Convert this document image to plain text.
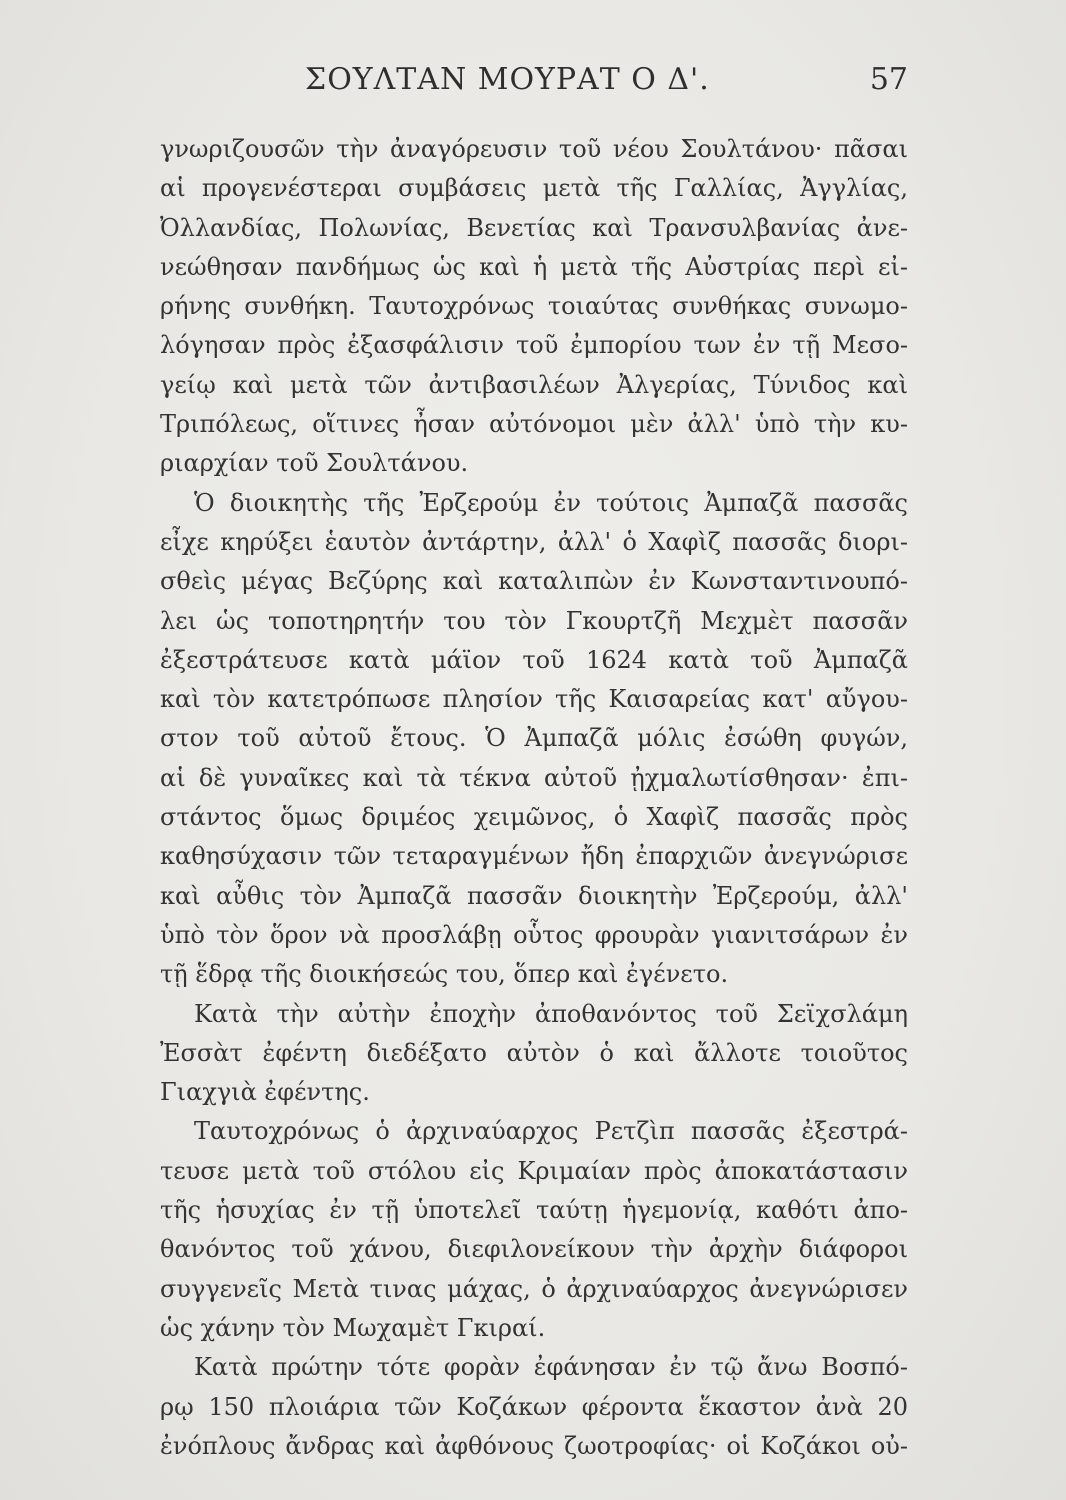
ΣΟΥΛΤΑΝ ΜΟΥΡΑΤ Ο Δ'.	57
γνωριζουσῶν τὴν ἀναγόρευσιν τοῦ νέου Σουλτάνου· πᾶσαι
αἱ προγενέστεραι συμβάσεις μετὰ τῆς Γαλλίας, Ἀγγλίας,
Ὀλλανδίας, Πολωνίας, Βενετίας καὶ Τρανσυλβανίας ἀνε-
νεώθησαν πανδήμως ὡς καὶ ἡ μετὰ τῆς Αὐστρίας περὶ εἰ-
ρήνης συνθήκη. Ταυτοχρόνως τοιαύτας συνθήκας συνωμο-
λόγησαν πρὸς ἐξασφάλισιν τοῦ ἐμπορίου των ἐν τῇ Μεσο-
γείῳ καὶ μετὰ τῶν ἀντιβασιλέων Ἀλγερίας, Τύνιδος καὶ
Τριπόλεως, οἵτινες ἦσαν αὐτόνομοι μὲν ἀλλ' ὑπὸ τὴν κυ-
ριαρχίαν τοῦ Σουλτάνου.
Ὁ διοικητὴς τῆς Ἐρζερούμ ἐν τούτοις Ἀμπαζᾶ πασσᾶς
εἶχε κηρύξει ἑαυτὸν ἀντάρτην, ἀλλ' ὁ Χαφὶζ πασσᾶς διορι-
σθεὶς μέγας Βεζύρης καὶ καταλιπὼν ἐν Κωνσταντινουπό-
λει ὡς τοποτηρητήν του τὸν Γκουρτζῆ Μεχμὲτ πασσᾶν
ἐξεστράτευσε κατὰ μάϊον τοῦ 1624 κατὰ τοῦ Ἀμπαζᾶ
καὶ τὸν κατετρόπωσε πλησίον τῆς Καισαρείας κατ' αὔγου-
στον τοῦ αὐτοῦ ἔτους. Ὁ Ἀμπαζᾶ μόλις ἐσώθη φυγών,
αἱ δὲ γυναῖκες καὶ τὰ τέκνα αὐτοῦ ᾐχμαλωτίσθησαν· ἐπι-
στάντος ὅμως δριμέος χειμῶνος, ὁ Χαφὶζ πασσᾶς πρὸς
καθησύχασιν τῶν τεταραγμένων ἤδη ἐπαρχιῶν ἀνεγνώρισε
καὶ αὖθις τὸν Ἀμπαζᾶ πασσᾶν διοικητὴν Ἐρζερούμ, ἀλλ'
ὑπὸ τὸν ὅρον νὰ προσλάβῃ οὗτος φρουρὰν γιανιτσάρων ἐν
τῇ ἕδρᾳ τῆς διοικήσεώς του, ὅπερ καὶ ἐγένετο.
Κατὰ τὴν αὐτὴν ἐποχὴν ἀποθανόντος τοῦ Σεϊχσλάμη
Ἐσσὰτ ἐφέντη διεδέξατο αὐτὸν ὁ καὶ ἄλλοτε τοιοῦτος
Γιαχγιὰ ἐφέντης.
Ταυτοχρόνως ὁ ἀρχιναύαρχος Ρετζὶπ πασσᾶς ἐξεστρά-
τευσε μετὰ τοῦ στόλου εἰς Κριμαίαν πρὸς ἀποκατάστασιν
τῆς ἡσυχίας ἐν τῇ ὑποτελεῖ ταύτῃ ἡγεμονίᾳ, καθότι ἀπο-
θανόντος τοῦ χάνου, διεφιλονείκουν τὴν ἀρχὴν διάφοροι
συγγενεῖς Μετὰ τινας μάχας, ὁ ἀρχιναύαρχος ἀνεγνώρισεν
ὡς χάνην τὸν Μωχαμὲτ Γκιραί.
Κατὰ πρώτην τότε φορὰν ἐφάνησαν ἐν τῷ ἄνω Βοσπό-
ρῳ 150 πλοιάρια τῶν Κοζάκων φέροντα ἕκαστον ἀνὰ 20
ἐνόπλους ἄνδρας καὶ ἀφθόνους ζωοτροφίας· οἱ Κοζάκοι οὐ-
